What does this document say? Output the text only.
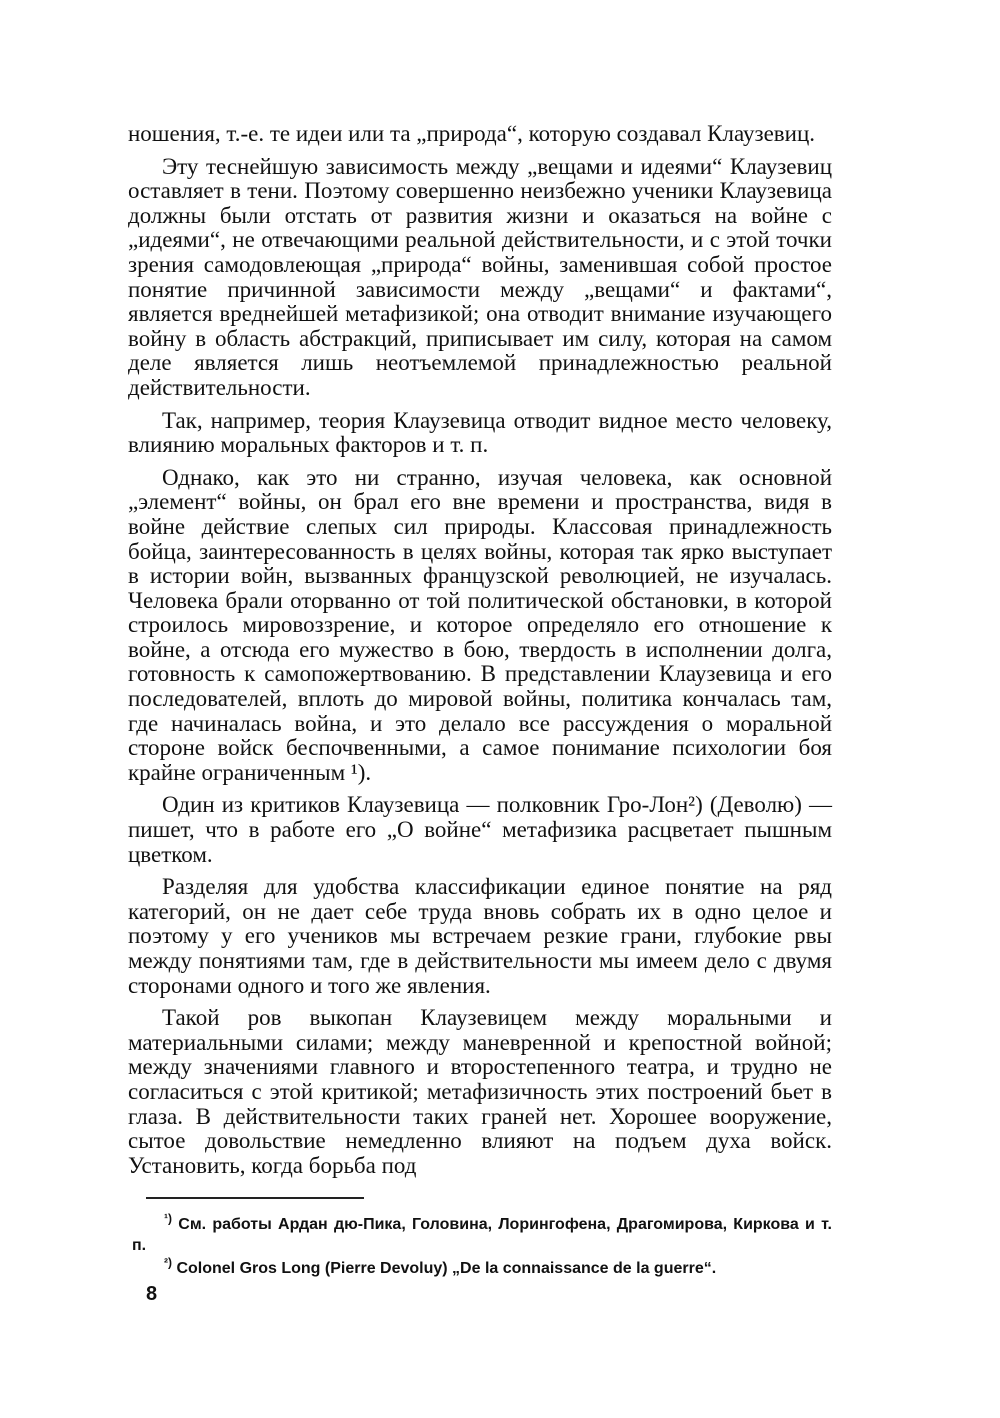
ношения, т.-е. те идеи или та „природа“, которую создавал Клаузевиц.

Эту теснейшую зависимость между „вещами и идеями“ Клаузевиц оставляет в тени. Поэтому совершенно неизбежно ученики Клаузевица должны были отстать от развития жизни и оказаться на войне с „идеями“, не отвечающими реальной действительности, и с этой точки зрения самодовлеющая „природа“ войны, заменившая собой простое понятие причинной зависимости между „вещами“ и фактами“, является вреднейшей метафизикой; она отводит внимание изучающего войну в область абстракций, приписывает им силу, которая на самом деле является лишь неотъемлемой принадлежностью реальной действительности.

Так, например, теория Клаузевица отводит видное место человеку, влиянию моральных факторов и т. п.

Однако, как это ни странно, изучая человека, как основной „элемент“ войны, он брал его вне времени и пространства, видя в войне действие слепых сил природы. Классовая принадлежность бойца, заинтересованность в целях войны, которая так ярко выступает в истории войн, вызванных французской революцией, не изучалась. Человека брали оторванно от той политической обстановки, в которой строилось мировоззрение, и которое определяло его отношение к войне, а отсюда его мужество в бою, твердость в исполнении долга, готовность к самопожертвованию. В представлении Клаузевица и его последователей, вплоть до мировой войны, политика кончалась там, где начиналась война, и это делало все рассуждения о моральной стороне войск беспочвенными, а самое понимание психологии боя крайне ограниченным ¹).

Один из критиков Клаузевица — полковник Гро-Лон²) (Деволю) — пишет, что в работе его „О войне“ метафизика расцветает пышным цветком.

Разделяя для удобства классификации единое понятие на ряд категорий, он не дает себе труда вновь собрать их в одно целое и поэтому у его учеников мы встречаем резкие грани, глубокие рвы между понятиями там, где в действительности мы имеем дело с двумя сторонами одного и того же явления.

Такой ров выкопан Клаузевицем между моральными и материальными силами; между маневренной и крепостной войной; между значениями главного и второстепенного театра, и трудно не согласиться с этой критикой; метафизичность этих построений бьет в глаза. В действительности таких граней нет. Хорошее вооружение, сытое довольствие немедленно влияют на подъем духа войск. Установить, когда борьба под

$^{^1)}$ См. работы Ардан дю-Пика, Головина, Лорингофена, Драгомирова, Киркова и т. п.

$^{^2)}$ Colonel Gros Long (Pierre Devoluy) „De la connaissance de la guerre“.

8
